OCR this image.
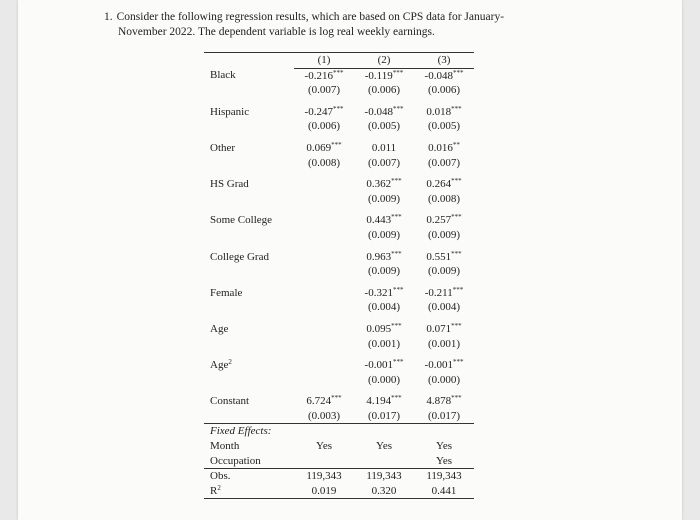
1. Consider the following regression results, which are based on CPS data for January-
November 2022. The dependent variable is log real weekly earnings.
	(1)	(2)	(3)
Black	-0.216***	-0.119***	-0.048***
	(0.007)	(0.006)	(0.006)

Hispanic	-0.247***	-0.048***	0.018***
	(0.006)	(0.005)	(0.005)

Other	0.069***	0.011	0.016**
	(0.008)	(0.007)	(0.007)

HS Grad		0.362***	0.264***
		(0.009)	(0.008)

Some College		0.443***	0.257***
		(0.009)	(0.009)

College Grad		0.963***	0.551***
		(0.009)	(0.009)

Female		-0.321***	-0.211***
		(0.004)	(0.004)

Age		0.095***	0.071***
		(0.001)	(0.001)

Age$^2$		-0.001***	-0.001***
		(0.000)	(0.000)

Constant	6.724***	4.194***	4.878***
	(0.003)	(0.017)	(0.017)
Fixed Effects:			
Month	Yes	Yes	Yes
Occupation			Yes
Obs.	119,343	119,343	119,343
$R^2$	0.019	0.320	0.441
